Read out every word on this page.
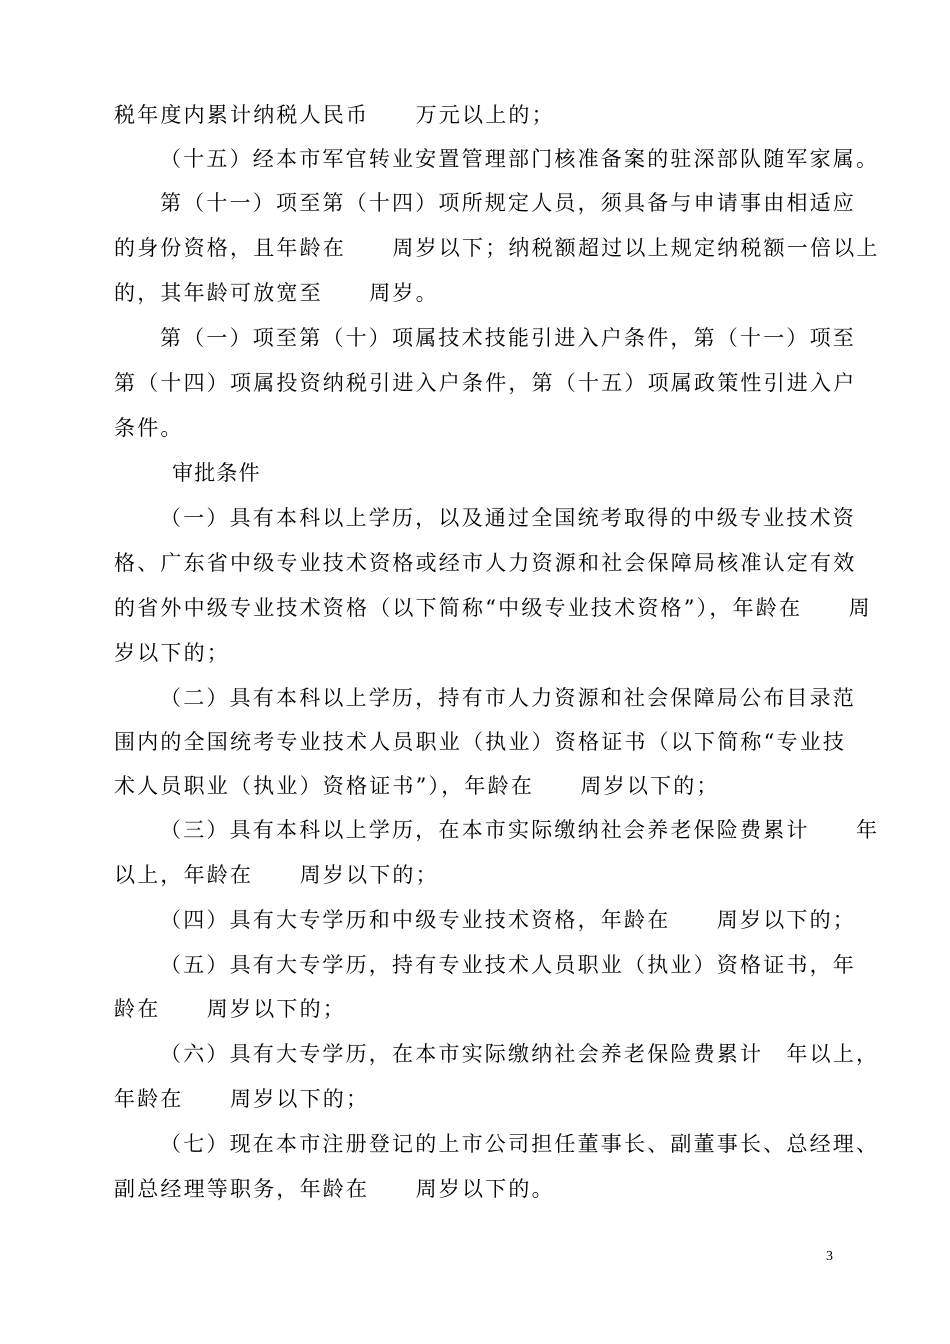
税年度内累计纳税人民币　　万元以上的；
（十五）经本市军官转业安置管理部门核准备案的驻深部队随军家属。
第（十一）项至第（十四）项所规定人员，须具备与申请事由相适应
的身份资格，且年龄在　　周岁以下；纳税额超过以上规定纳税额一倍以上
的，其年龄可放宽至　　周岁。
第（一）项至第（十）项属技术技能引进入户条件，第（十一）项至
第（十四）项属投资纳税引进入户条件，第（十五）项属政策性引进入户
条件。
审批条件
（一）具有本科以上学历，以及通过全国统考取得的中级专业技术资
格、广东省中级专业技术资格或经市人力资源和社会保障局核准认定有效
的省外中级专业技术资格（以下简称“中级专业技术资格”），年龄在　　周
岁以下的；
（二）具有本科以上学历，持有市人力资源和社会保障局公布目录范
围内的全国统考专业技术人员职业（执业）资格证书（以下简称“专业技
术人员职业（执业）资格证书”），年龄在　　周岁以下的；
（三）具有本科以上学历，在本市实际缴纳社会养老保险费累计　　年
以上，年龄在　　周岁以下的；
（四）具有大专学历和中级专业技术资格，年龄在　　周岁以下的；
（五）具有大专学历，持有专业技术人员职业（执业）资格证书，年
龄在　　周岁以下的；
（六）具有大专学历，在本市实际缴纳社会养老保险费累计　年以上，
年龄在　　周岁以下的；
（七）现在本市注册登记的上市公司担任董事长、副董事长、总经理、
副总经理等职务，年龄在　　周岁以下的。
3
